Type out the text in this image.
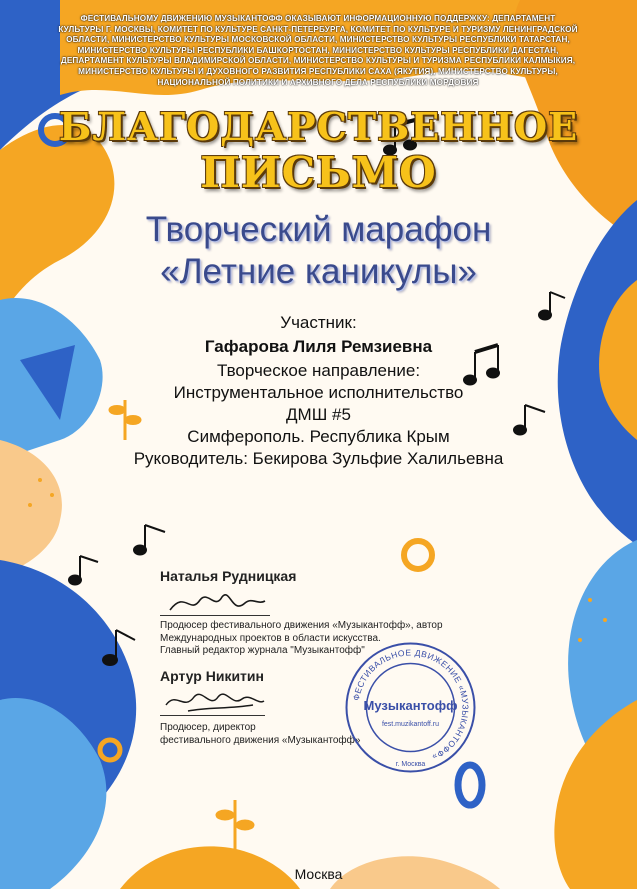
ФЕСТИВАЛЬНОМУ ДВИЖЕНИЮ МУЗЫКАНТОФФ ОКАЗЫВАЮТ ИНФОРМАЦИОННУЮ ПОДДЕРЖКУ: ДЕПАРТАМЕНТ КУЛЬТУРЫ Г. МОСКВЫ, КОМИТЕТ ПО КУЛЬТУРЕ САНКТ-ПЕТЕРБУРГА, КОМИТЕТ ПО КУЛЬТУРЕ И ТУРИЗМУ ЛЕНИНГРАДСКОЙ ОБЛАСТИ, МИНИСТЕРСТВО КУЛЬТУРЫ МОСКОВСКОЙ ОБЛАСТИ, МИНИСТЕРСТВО КУЛЬТУРЫ РЕСПУБЛИКИ ТАТАРСТАН, МИНИСТЕРСТВО КУЛЬТУРЫ РЕСПУБЛИКИ БАШКОРТОСТАН, МИНИСТЕРСТВО КУЛЬТУРЫ РЕСПУБЛИКИ ДАГЕСТАН, ДЕПАРТАМЕНТ КУЛЬТУРЫ ВЛАДИМИРСКОЙ ОБЛАСТИ, МИНИСТЕРСТВО КУЛЬТУРЫ И ТУРИЗМА РЕСПУБЛИКИ КАЛМЫКИЯ, МИНИСТЕРСТВО КУЛЬТУРЫ И ДУХОВНОГО РАЗВИТИЯ РЕСПУБЛИКИ САХА (ЯКУТИЯ), МИНИСТЕРСТВО КУЛЬТУРЫ, НАЦИОНАЛЬНОЙ ПОЛИТИКИ И АРХИВНОГО ДЕЛА РЕСПУБЛИКИ МОРДОВИЯ
БЛАГОДАРСТВЕННОЕ
ПИСЬМО
Творческий марафон
«Летние каникулы»
Участник:
Гафарова Лиля Ремзиевна
Творческое направление:
Инструментальное исполнительство
ДМШ #5
Симферополь. Республика Крым
Руководитель: Бекирова Зульфие Халильевна
Наталья Рудницкая
Продюсер фестивального движения «Музыкантофф», автор
Международных проектов в области искусства.
Главный редактор журнала "Музыкантофф"
Артур Никитин
Продюсер, директор
фестивального движения «Музыкантофф»
ФЕСТИВАЛЬНОЕ ДВИЖЕНИЕ «МУЗЫКАНТОФФ»
Музыкантофф
fest.muzikantoff.ru
г. Москва
Москва
